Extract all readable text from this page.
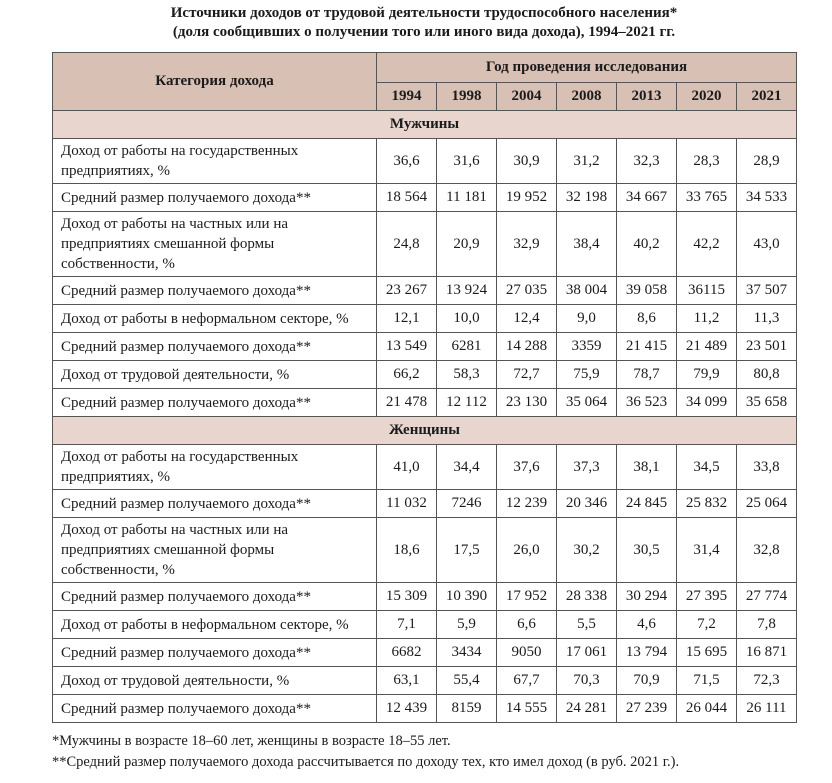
Источники доходов от трудовой деятельности трудоспособного населения*
(доля сообщивших о получении того или иного вида дохода), 1994–2021 гг.
Категория дохода	Год проведения исследования						
	1994	1998	2004	2008	2013	2020	2021
Мужчины							

Доход от работы на государственных
предприятиях, %	36,6	31,6	30,9	31,2	32,3	28,3	28,9

Средний размер получаемого дохода**	18 564	11 181	19 952	32 198	34 667	33 765	34 533

Доход от работы на частных или на
предприятиях смешанной формы
собственности, %	24,8	20,9	32,9	38,4	40,2	42,2	43,0

Средний размер получаемого дохода**	23 267	13 924	27 035	38 004	39 058	36115	37 507

Доход от работы в неформальном секторе, %	12,1	10,0	12,4	9,0	8,6	11,2	11,3

Средний размер получаемого дохода**	13 549	6281	14 288	3359	21 415	21 489	23 501

Доход от трудовой деятельности, %	66,2	58,3	72,7	75,9	78,7	79,9	80,8

Средний размер получаемого дохода**	21 478	12 112	23 130	35 064	36 523	34 099	35 658
Женщины							

Доход от работы на государственных
предприятиях, %	41,0	34,4	37,6	37,3	38,1	34,5	33,8

Средний размер получаемого дохода**	11 032	7246	12 239	20 346	24 845	25 832	25 064

Доход от работы на частных или на
предприятиях смешанной формы
собственности, %	18,6	17,5	26,0	30,2	30,5	31,4	32,8

Средний размер получаемого дохода**	15 309	10 390	17 952	28 338	30 294	27 395	27 774

Доход от работы в неформальном секторе, %	7,1	5,9	6,6	5,5	4,6	7,2	7,8

Средний размер получаемого дохода**	6682	3434	9050	17 061	13 794	15 695	16 871

Доход от трудовой деятельности, %	63,1	55,4	67,7	70,3	70,9	71,5	72,3

Средний размер получаемого дохода**	12 439	8159	14 555	24 281	27 239	26 044	26 111
*Мужчины в возрасте 18–60 лет, женщины в возрасте 18–55 лет.
**Средний размер получаемого дохода рассчитывается по доходу тех, кто имел доход (в руб. 2021 г.).
